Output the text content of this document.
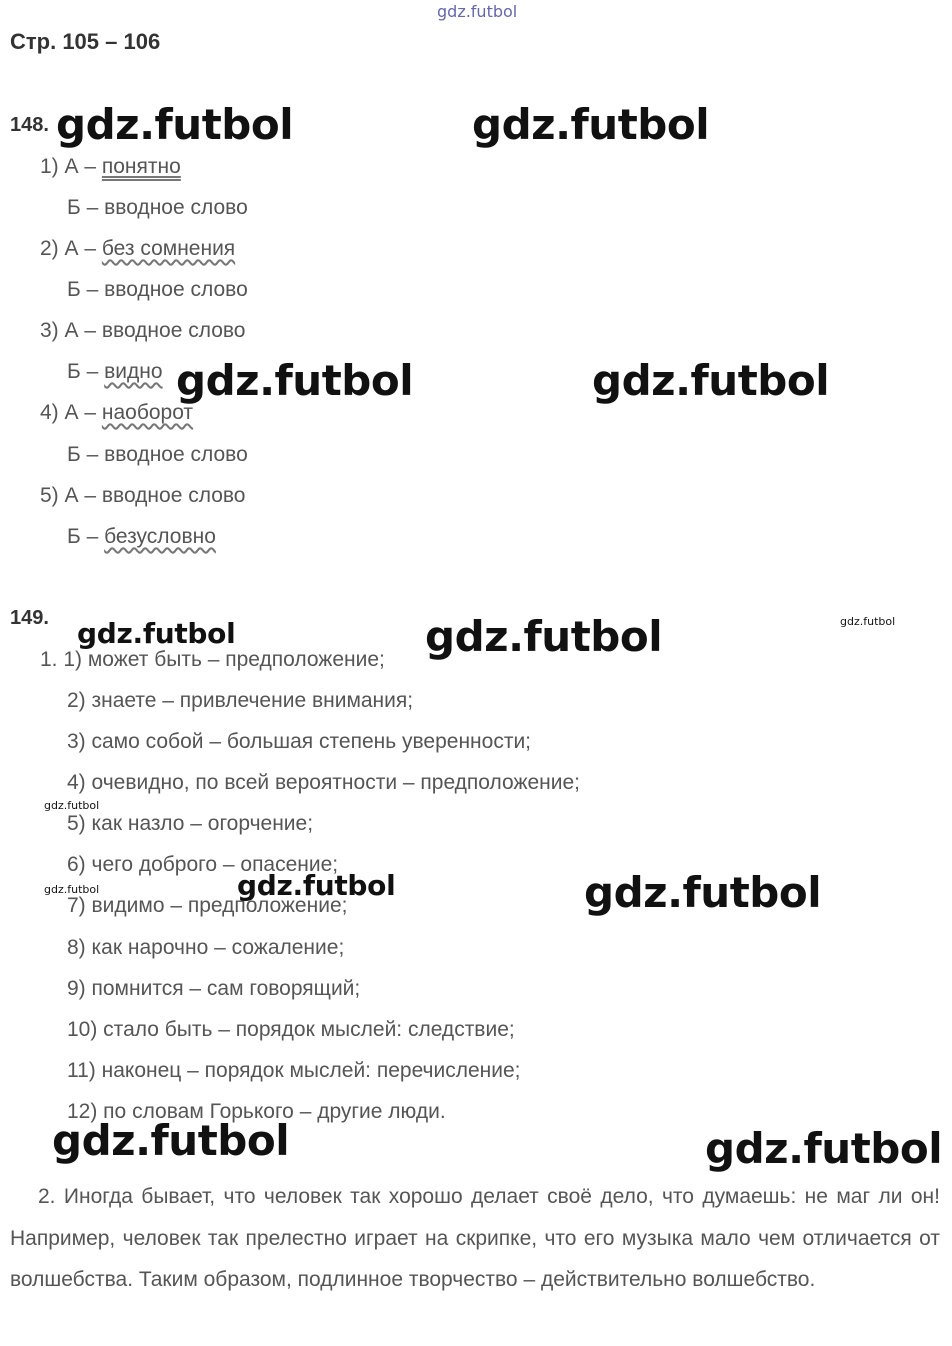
gdz.futbol
Стр. 105 – 106
148.
1) А – понятно
Б – вводное слово
2) А – без сомнения
Б – вводное слово
3) А – вводное слово
Б – видно
4) А – наоборот
Б – вводное слово
5) А – вводное слово
Б – безусловно
149.
1. 1) может быть – предположение;
2) знаете – привлечение внимания;
3) само собой – большая степень уверенности;
4) очевидно, по всей вероятности – предположение;
5) как назло – огорчение;
6) чего доброго – опасение;
7) видимо – предположение;
8) как нарочно – сожаление;
9) помнится – сам говорящий;
10) стало быть – порядок мыслей: следствие;
11) наконец – порядок мыслей: перечисление;
12) по словам Горького – другие люди.
2. Иногда бывает, что человек так хорошо делает своё дело, что думаешь: не маг ли он! Например, человек так прелестно играет на скрипке, что его музыка мало чем отличается от волшебства. Таким образом, подлинное творчество – действительно волшебство.
gdz.futbol	gdz.futbol
gdz.futbol	gdz.futbol
gdz.futbol	gdz.futbol	gdz.futbol
gdz.futbol
gdz.futbol	gdz.futbol	gdz.futbol
gdz.futbol	gdz.futbol
